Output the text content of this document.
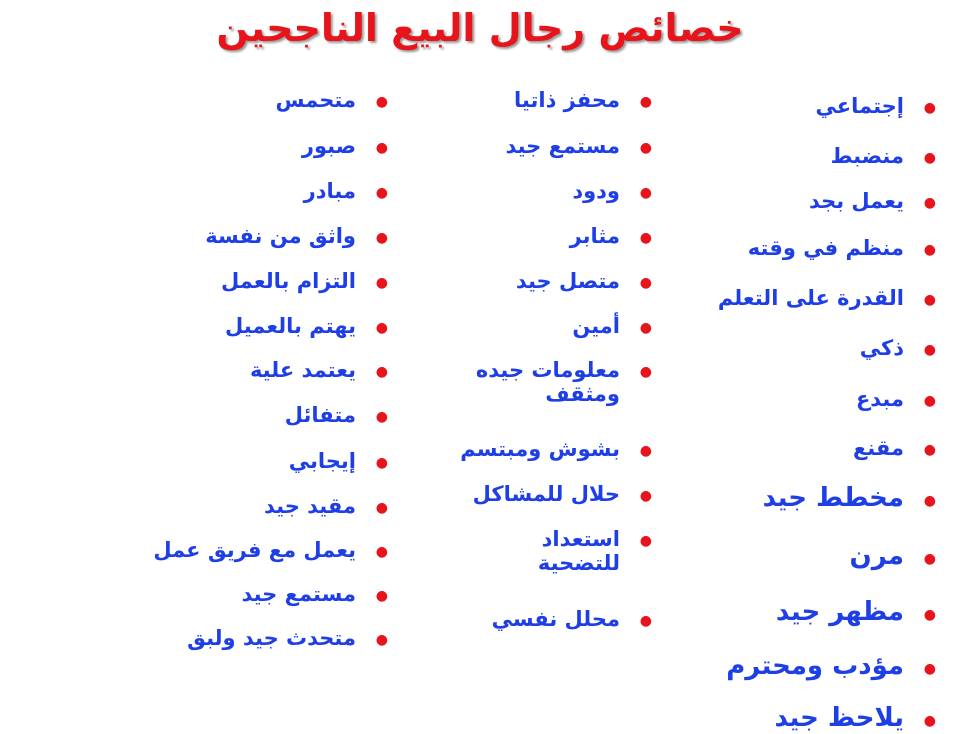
خصائص رجال البيع الناجحين
●
إجتماعي
●
منضبط
●
يعمل بجد
●
منظم في وقته
●
القدرة على التعلم
●
ذكي
●
مبدع
●
مقنع
●
مخطط جيد
●
مرن
●
مظهر جيد
●
مؤدب ومحترم
●
يلاحظ جيد
●
محفز ذاتيا
●
مستمع جيد
●
ودود
●
مثابر
●
متصل جيد
●
أمين
●
معلومات جيده ومثقف
●
بشوش ومبتسم
●
حلال للمشاكل
●
استعداد للتضحية
●
محلل نفسي
●
متحمس
●
صبور
●
مبادر
●
واثق من نفسة
●
التزام بالعمل
●
يهتم بالعميل
●
يعتمد علية
●
متفائل
●
إيجابي
●
مقيد جيد
●
يعمل مع فريق عمل
●
مستمع جيد
●
متحدث جيد ولبق
